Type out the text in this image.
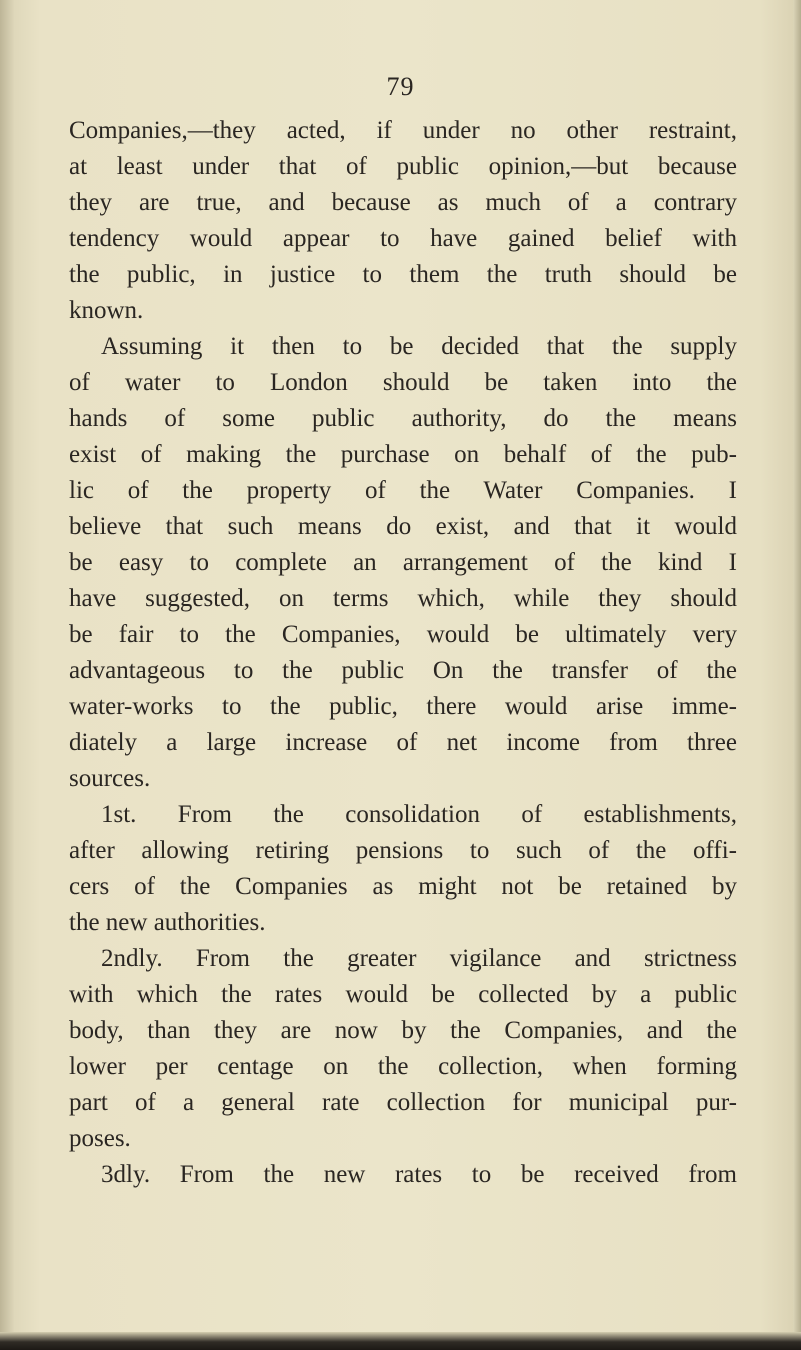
79
Companies,—they acted, if under no other restraint,
at least under that of public opinion,—but because
they are true, and because as much of a contrary
tendency would appear to have gained belief with
the public, in justice to them the truth should be
known.
Assuming it then to be decided that the supply
of water to London should be taken into the
hands of some public authority, do the means
exist of making the purchase on behalf of the pub-
lic of the property of the Water Companies. I
believe that such means do exist, and that it would
be easy to complete an arrangement of the kind I
have suggested, on terms which, while they should
be fair to the Companies, would be ultimately very
advantageous to the public On the transfer of the
water-works to the public, there would arise imme-
diately a large increase of net income from three
sources.
1st. From the consolidation of establishments,
after allowing retiring pensions to such of the offi-
cers of the Companies as might not be retained by
the new authorities.
2ndly. From the greater vigilance and strictness
with which the rates would be collected by a public
body, than they are now by the Companies, and the
lower per centage on the collection, when forming
part of a general rate collection for municipal pur-
poses.
3dly. From the new rates to be received from
